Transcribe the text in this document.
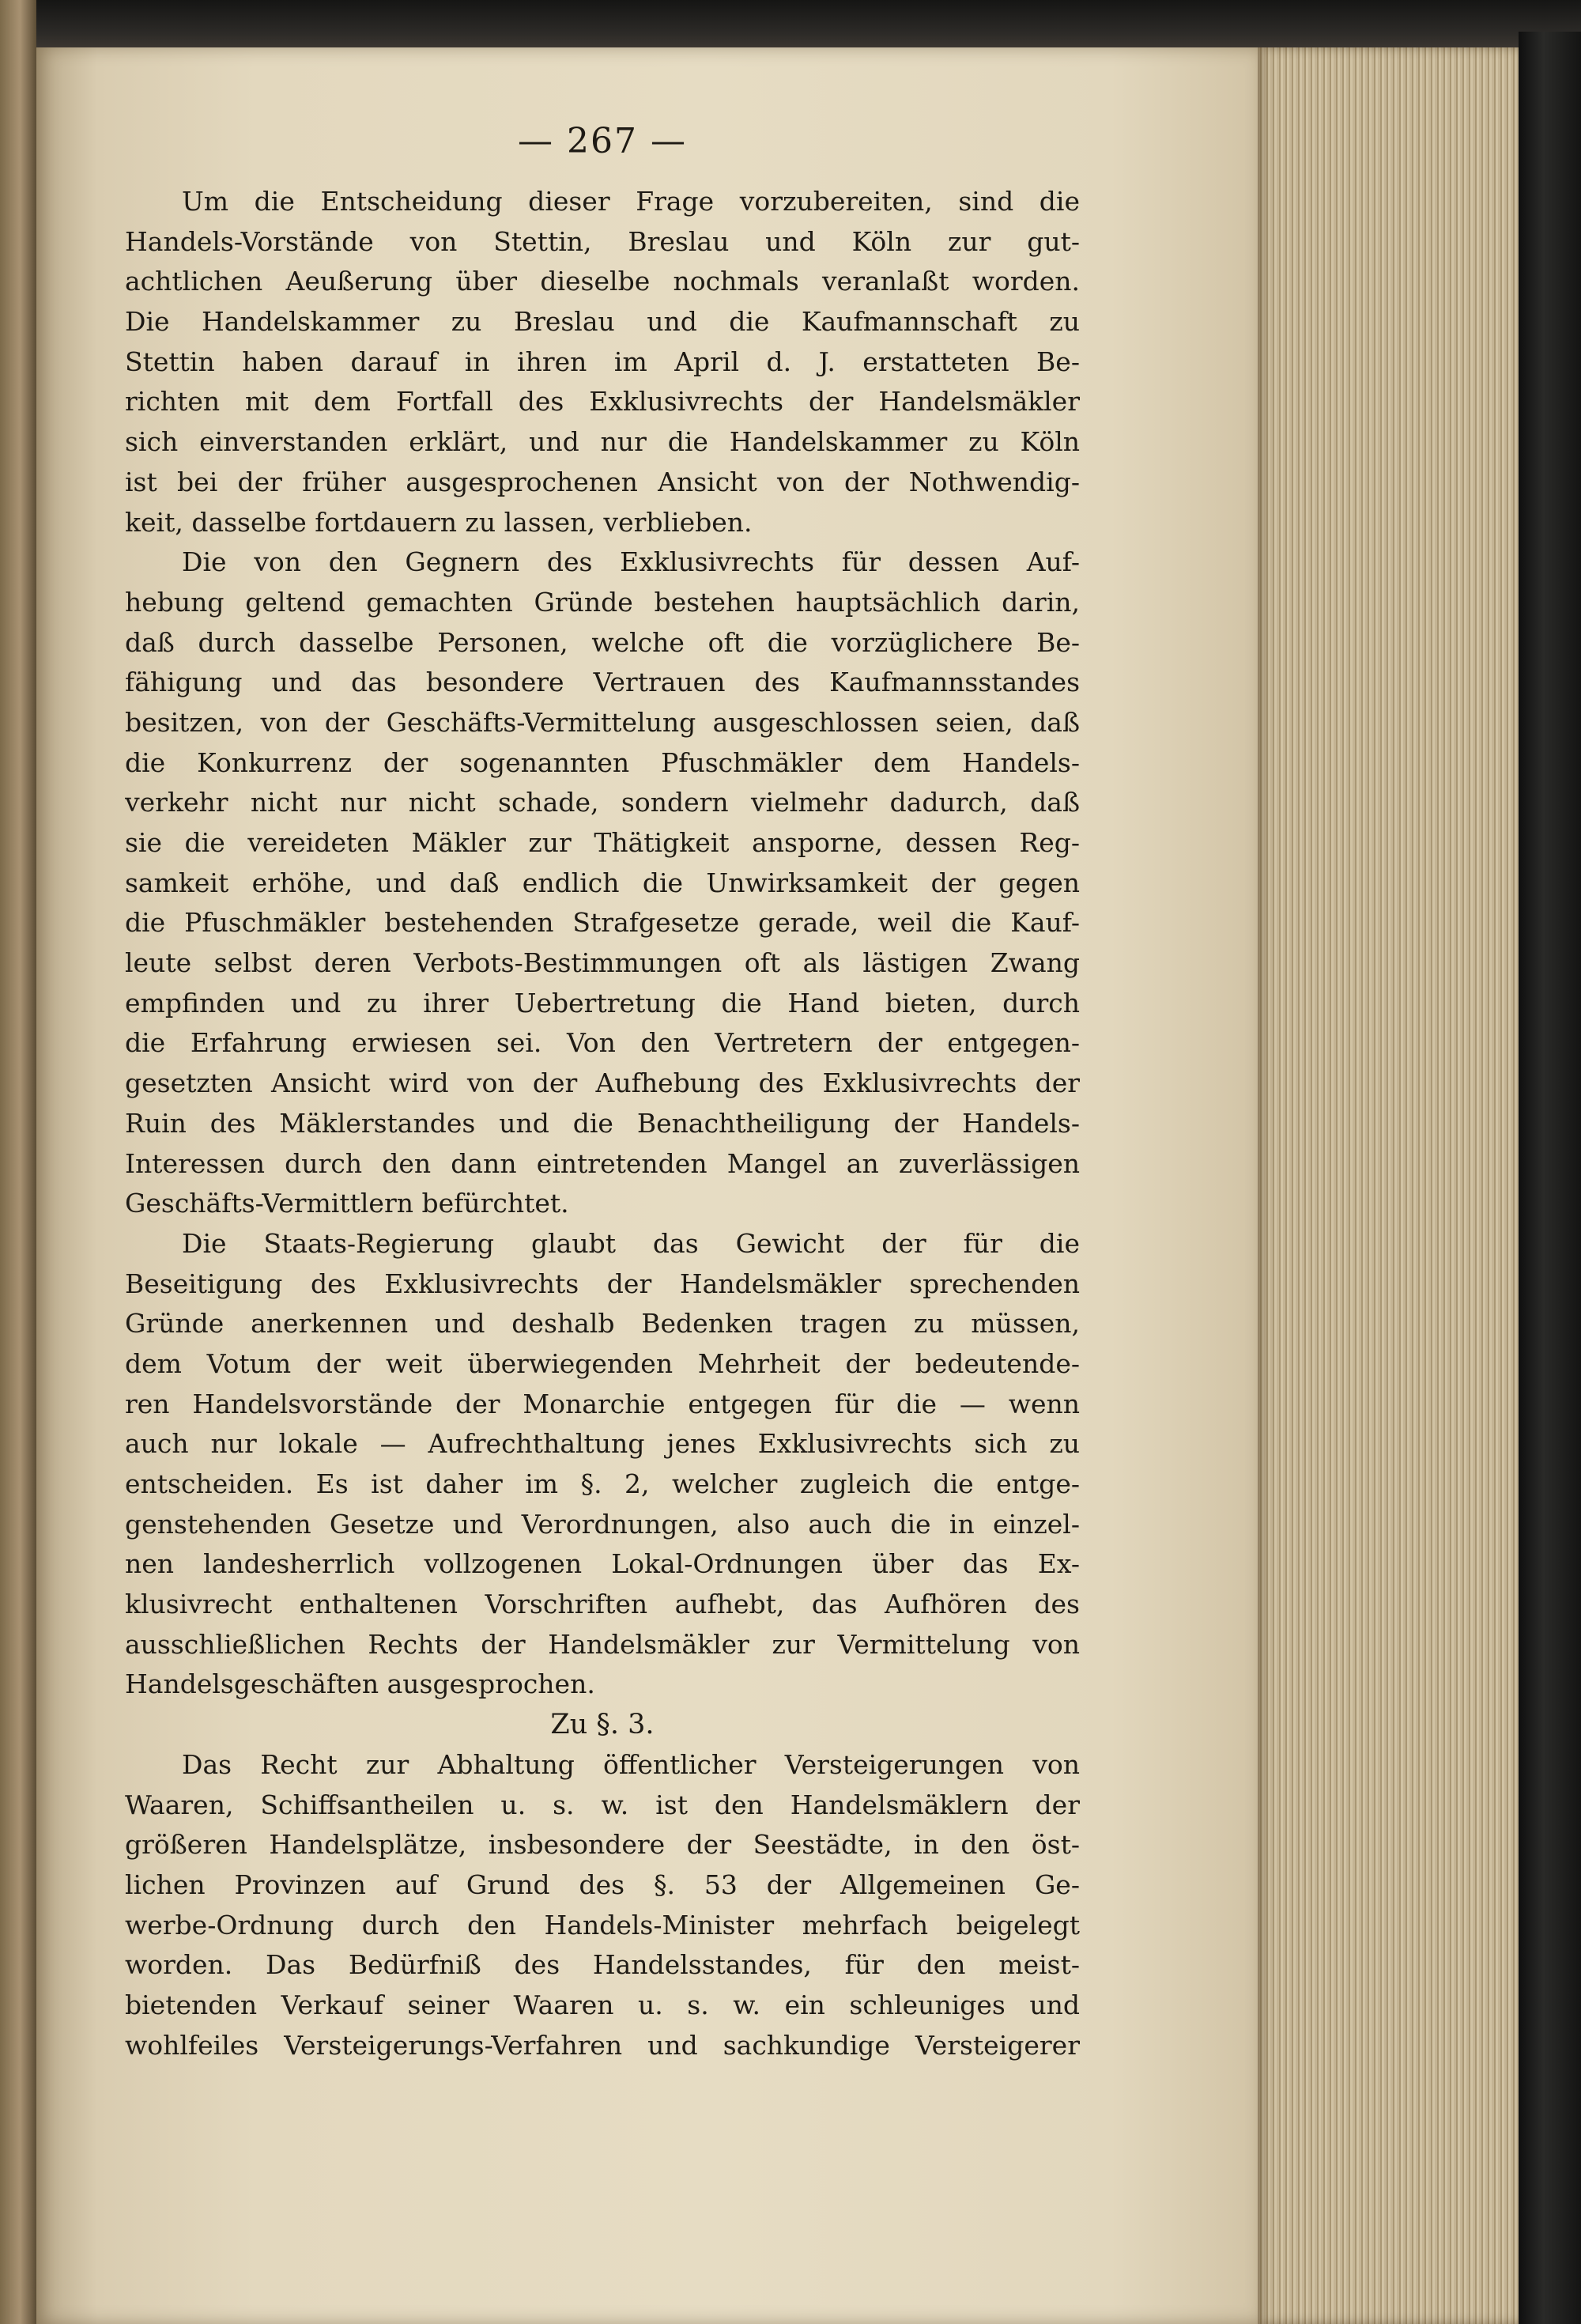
— 267 —
Um die Entscheidung dieser Frage vorzubereiten, sind die
Handels-Vorstände von Stettin, Breslau und Köln zur gut-
achtlichen Aeußerung über dieselbe nochmals veranlaßt worden.
Die Handelskammer zu Breslau und die Kaufmannschaft zu
Stettin haben darauf in ihren im April d. J. erstatteten Be-
richten mit dem Fortfall des Exklusivrechts der Handelsmäkler
sich einverstanden erklärt, und nur die Handelskammer zu Köln
ist bei der früher ausgesprochenen Ansicht von der Nothwendig-
keit, dasselbe fortdauern zu lassen, verblieben.
Die von den Gegnern des Exklusivrechts für dessen Auf-
hebung geltend gemachten Gründe bestehen hauptsächlich darin,
daß durch dasselbe Personen, welche oft die vorzüglichere Be-
fähigung und das besondere Vertrauen des Kaufmannsstandes
besitzen, von der Geschäfts-Vermittelung ausgeschlossen seien, daß
die Konkurrenz der sogenannten Pfuschmäkler dem Handels-
verkehr nicht nur nicht schade, sondern vielmehr dadurch, daß
sie die vereideten Mäkler zur Thätigkeit ansporne, dessen Reg-
samkeit erhöhe, und daß endlich die Unwirksamkeit der gegen
die Pfuschmäkler bestehenden Strafgesetze gerade, weil die Kauf-
leute selbst deren Verbots-Bestimmungen oft als lästigen Zwang
empfinden und zu ihrer Uebertretung die Hand bieten, durch
die Erfahrung erwiesen sei. Von den Vertretern der entgegen-
gesetzten Ansicht wird von der Aufhebung des Exklusivrechts der
Ruin des Mäklerstandes und die Benachtheiligung der Handels-
Interessen durch den dann eintretenden Mangel an zuverlässigen
Geschäfts-Vermittlern befürchtet.
Die Staats-Regierung glaubt das Gewicht der für die
Beseitigung des Exklusivrechts der Handelsmäkler sprechenden
Gründe anerkennen und deshalb Bedenken tragen zu müssen,
dem Votum der weit überwiegenden Mehrheit der bedeutende-
ren Handelsvorstände der Monarchie entgegen für die — wenn
auch nur lokale — Aufrechthaltung jenes Exklusivrechts sich zu
entscheiden. Es ist daher im §. 2, welcher zugleich die entge-
genstehenden Gesetze und Verordnungen, also auch die in einzel-
nen landesherrlich vollzogenen Lokal-Ordnungen über das Ex-
klusivrecht enthaltenen Vorschriften aufhebt, das Aufhören des
ausschließlichen Rechts der Handelsmäkler zur Vermittelung von
Handelsgeschäften ausgesprochen.
Zu §. 3.
Das Recht zur Abhaltung öffentlicher Versteigerungen von
Waaren, Schiffsantheilen u. s. w. ist den Handelsmäklern der
größeren Handelsplätze, insbesondere der Seestädte, in den öst-
lichen Provinzen auf Grund des §. 53 der Allgemeinen Ge-
werbe-Ordnung durch den Handels-Minister mehrfach beigelegt
worden. Das Bedürfniß des Handelsstandes, für den meist-
bietenden Verkauf seiner Waaren u. s. w. ein schleuniges und
wohlfeiles Versteigerungs-Verfahren und sachkundige Versteigerer
